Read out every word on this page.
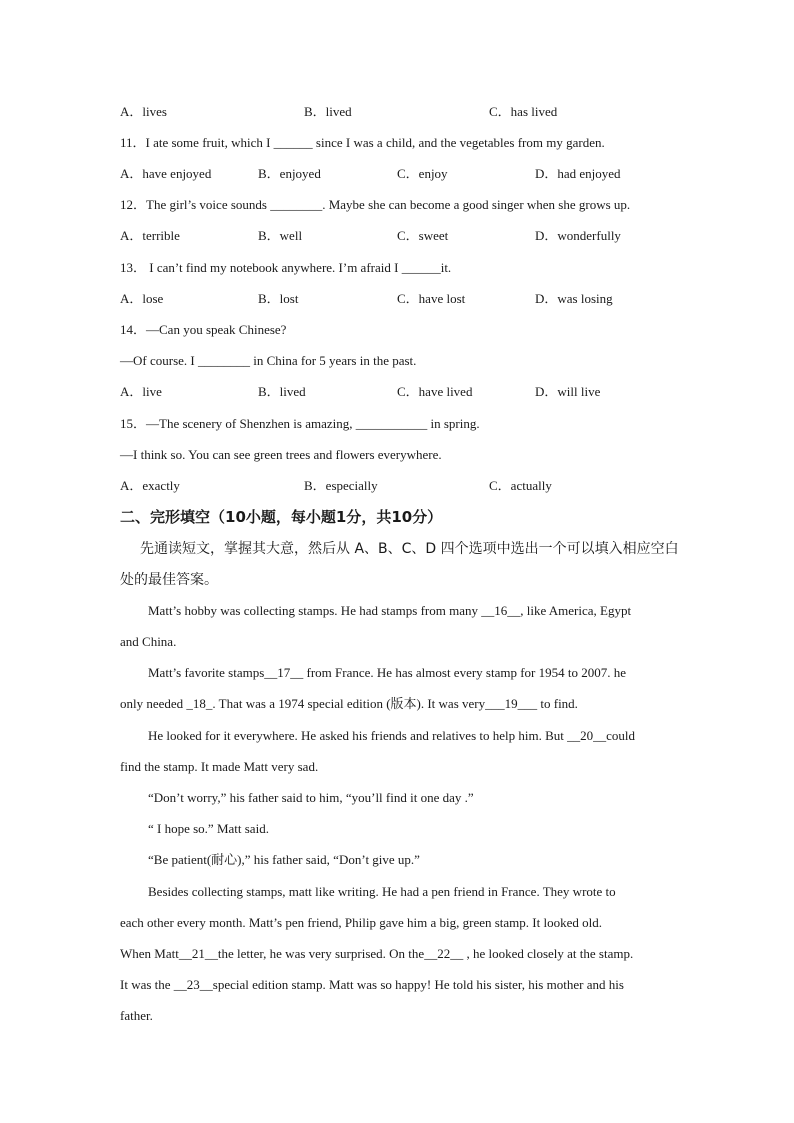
A．lives	B．lived	C．has lived
11．I ate some fruit, which I ______ since I was a child, and the vegetables from my garden.
A．have enjoyed	B．enjoyed	C．enjoy	D．had enjoyed
12．The girl’s voice sounds ________. Maybe she can become a good singer when she grows up.
A．terrible	B．well	C．sweet	D．wonderfully
13． I can’t find my notebook anywhere. I’m afraid I ______it.
A．lose	B．lost	C．have lost	D．was losing
14．—Can you speak Chinese?
—Of course. I ________ in China for 5 years in the past.
A．live	B．lived	C．have lived	D．will live
15．—The scenery of Shenzhen is amazing, ___________ in spring.
—I think so. You can see green trees and flowers everywhere.
A．exactly	B．especially	C．actually
二、完形填空（10小题，每小题1分，共10分）
先通读短文，掌握其大意，然后从 A、B、C、D 四个选项中选出一个可以填入相应空白
处的最佳答案。
Matt’s hobby was collecting stamps. He had stamps from many __16__, like America, Egypt
and China.
Matt’s favorite stamps__17__ from France. He has almost every stamp for 1954 to 2007. he
only needed _18_. That was a 1974 special edition (版本). It was very___19___ to find.
He looked for it everywhere. He asked his friends and relatives to help him. But __20__could
find the stamp. It made Matt very sad.
“Don’t worry,” his father said to him, “you’ll find it one day .”
“ I hope so.” Matt said.
“Be patient(耐心),” his father said, “Don’t give up.”
Besides collecting stamps, matt like writing. He had a pen friend in France. They wrote to
each other every month. Matt’s pen friend, Philip gave him a big, green stamp. It looked old.
When Matt__21__the letter, he was very surprised. On the__22__ , he looked closely at the stamp.
It was the __23__special edition stamp. Matt was so happy! He told his sister, his mother and his
father.
